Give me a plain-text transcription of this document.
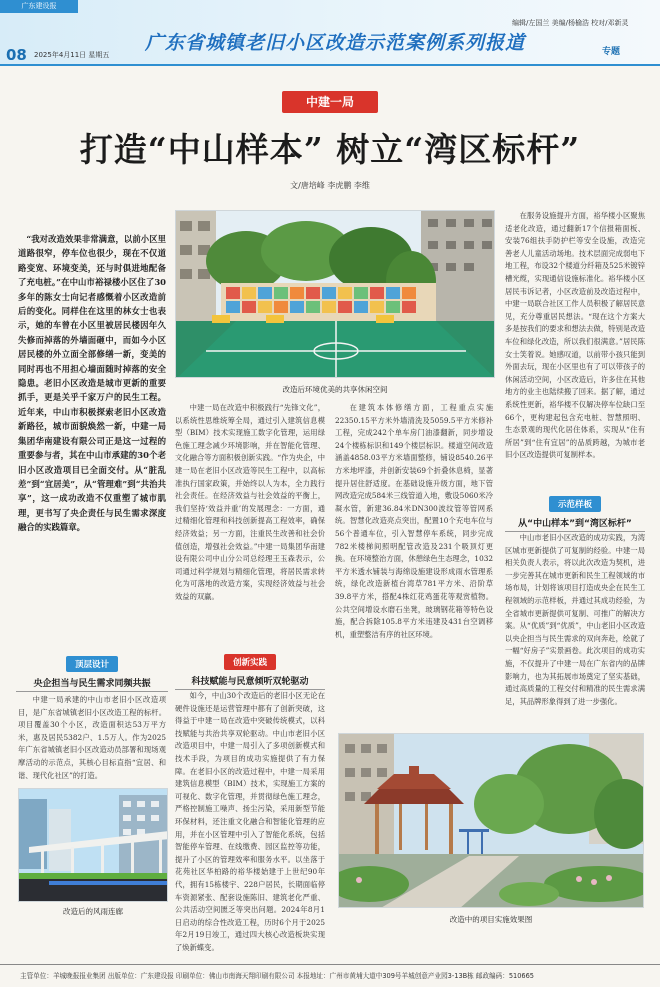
广东建设报
08 2025年4月11日 星期五
广东省城镇老旧小区改造示范案例系列报道
编辑/左国兰 美编/杨榆浩 校对/邓新灵
专题
中建一局
打造“中山样本” 树立“湾区标杆”
文/唐培峰 李虎鹏 李维
“我对改造效果非常满意，以前小区里道路很窄，停车位也很少，现在不仅道路变宽、环境变美，还与时俱进地配备了充电桩。”在中山市裕禄楼小区住了30多年的陈女士向记者感慨着小区改造前后的变化。同样住在这里的林女士也表示，她的车曾在小区里被居民楼因年久失修而掉落的外墙面砸中，而如今小区居民楼的外立面全部修缮一新，变美的同时再也不用担心墙面随时掉落的安全隐患。老旧小区改造是城市更新的重要抓手，更是关乎千家万户的民生工程。近年来，中山市积极探索老旧小区改造新路径，城市面貌焕然一新，中建一局集团华南建设有限公司正是这一过程的重要参与者，其在中山市承建的30个老旧小区改造项目已全面交付。从“脏乱差”到“宜居美”，从“管理难”到“共治共享”，这一成功改造不仅重塑了城市肌理，更书写了央企责任与民生需求深度融合的实践篇章。
顶层设计
央企担当与民生需求同频共振
中建一局承建的中山市老旧小区改造项目，是广东省城镇老旧小区改造工程的标杆。项目覆盖30个小区，改造面积达53万平方米，惠及居民5382户、1.5万人。作为2025年广东省城镇老旧小区改造动员部署和现场观摩活动的示范点，其核心目标直指“宜居、和谐、现代化社区”的打造。
改造后的风雨连廊
改造后环境优美的共享休闲空间
中建一局在改造中积极践行“先锋文化”，以系统性思维统筹全局，通过引入建筑信息模型（BIM）技术实现施工数字化管理，运用绿色施工理念减少环境影响，并在智能化管理、文化融合等方面积极创新实践。“作为央企，中建一局在老旧小区改造等民生工程中，以高标准执行国家政策，并始终以人为本，全力践行社会责任。在经济效益与社会效益的平衡上，我们坚持‘效益并重’的发展理念：一方面，通过精细化管理和科技创新提高工程效率，确保经济效益；另一方面，注重民生改善和社会价值创造，增强社会效益。”中建一局集团华南建设有限公司中山分公司总经理王玉森表示，公司通过科学规划与精细化管理，将居民需求转化为可落地的改造方案，实现经济效益与社会效益的双赢。
创新实践
科技赋能与民意倾听双轮驱动
如今，中山30个改造后的老旧小区无论在硬件设施还是运营管理中都有了创新突破，这得益于中建一局在改造中突破传统模式，以科技赋能与共治共享双轮驱动。中山市老旧小区改造项目中，中建一局引入了多项创新模式和技术手段，为项目的成功实施提供了有力保障。在老旧小区的改造过程中，中建一局采用建筑信息模型（BIM）技术，实现施工方案的可视化、数字化管理，并贯彻绿色施工理念，严格控制施工噪声、扬尘污染，采用新型节能环保材料，还注重文化融合和智能化管理的应用，并在小区管理中引入了智能化系统，包括智能停车管理、在线缴费、园区监控等功能，提升了小区的管理效率和服务水平。以坐落于花苑社区华柏路的裕华楼始建于上世纪90年代，拥有15栋楼宇、228户居民，长期面临停车资源紧张、配套设施陈旧、建筑老化严重、公共活动空间匮乏等突出问题。2024年8月1日启动的综合性改造工程，历时6个月于2025年2月19日竣工，通过四大核心改造板块实现了焕新蝶变。
在建筑本体修缮方面，工程重点实施22350.15平方米外墙清洗及5059.5平方米修补工程，完成242个单车房门油漆翻新，同步增设24个楼栋标识和149个楼层标识。楼道空间改造涵盖4858.03平方米墙面整修，铺设8540.26平方米地坪漆，并创新安装69个折叠休息椅，显著提升居住舒适度。在基础设施升级方面，地下管网改造完成584米三线管道入地，敷设5060米冷凝水管，新建36.84米DN300波纹管等管网系统。智慧化改造亮点突出，配置10个充电车位与56个普通车位，引入智慧停车系统，同步完成782米楼梯间照明配管改造及231个吸顶灯更换。在环境整治方面，休憩绿色生态理念，1032平方米透水铺装与海绵设施建设形成雨水管理系统，绿化改造新植台湾草781平方米、沿阶草39.8平方米，搭配4株红花鸡蛋花等观赏植物。公共空间增设水磨石坐凳，玻璃钢花箱等特色设施，配合拆除105.8平方米违建及431台空调移机，重塑整洁有序的社区环境。
改造中的项目实施效果图
在服务设施提升方面，裕华楼小区聚焦适老化改造，通过翻新17个信报箱面板、安装76组扶手防护栏等安全设施，改造完善老人儿童活动场地。技术层面完成弱电下地工程，布设32个楼道分纤箱及525米镀锌槽光缆，实现通信设施标准化。裕华楼小区居民韦诉记者，小区改造前及改造过程中，中建一局联合社区工作人员积极了解居民意见，充分尊重居民想法。“现在这个方案大多是按我们的要求和想法去做，特别是改造车位和绿化改造，所以我们很满意。”居民陈女士笑着说。她感叹道，以前带小孩只能到外面去玩，现在小区里也有了可以带孩子的休闲活动空间，小区改造后，许多住在其他地方的业主也陆续搬了回来。据了解，通过系统性更新，裕华楼不仅解决停车位缺口至66个，更构建起包含充电桩、智慧照明、生态景观的现代化居住体系，实现从“住有所居”到“住有宜居”的品质跨越，为城市老旧小区改造提供可复制样本。
示范样板
从“中山样本”到“湾区标杆”
中山市老旧小区改造的成功实践，为湾区城市更新提供了可复制的经验。中建一局相关负责人表示，将以此次改造为契机，进一步完善其在城市更新和民生工程领域的市场布局，计划将该项目打造成央企在民生工程领域的示范样板，并通过其成功经验，为全省城市更新提供可复制、可推广的解决方案。从“优质”到“优质”，中山老旧小区改造以央企担当与民生需求的双向奔赴，绘就了一幅“好房子”实景画卷。此次项目的成功实施，不仅提升了中建一局在广东省内的品牌影响力，也为其拓展市场奠定了坚实基础，通过高质量的工程交付和精准的民生需求满足，其品牌形象得到了进一步强化。
主管单位：羊城晚报报业集团 出版单位：广东建设报 印刷单位：佛山市南海天翔印刷有限公司 本报地址：广州市黄埔大道中309号羊城创意产业园3-13B栋 邮政编码：510665
